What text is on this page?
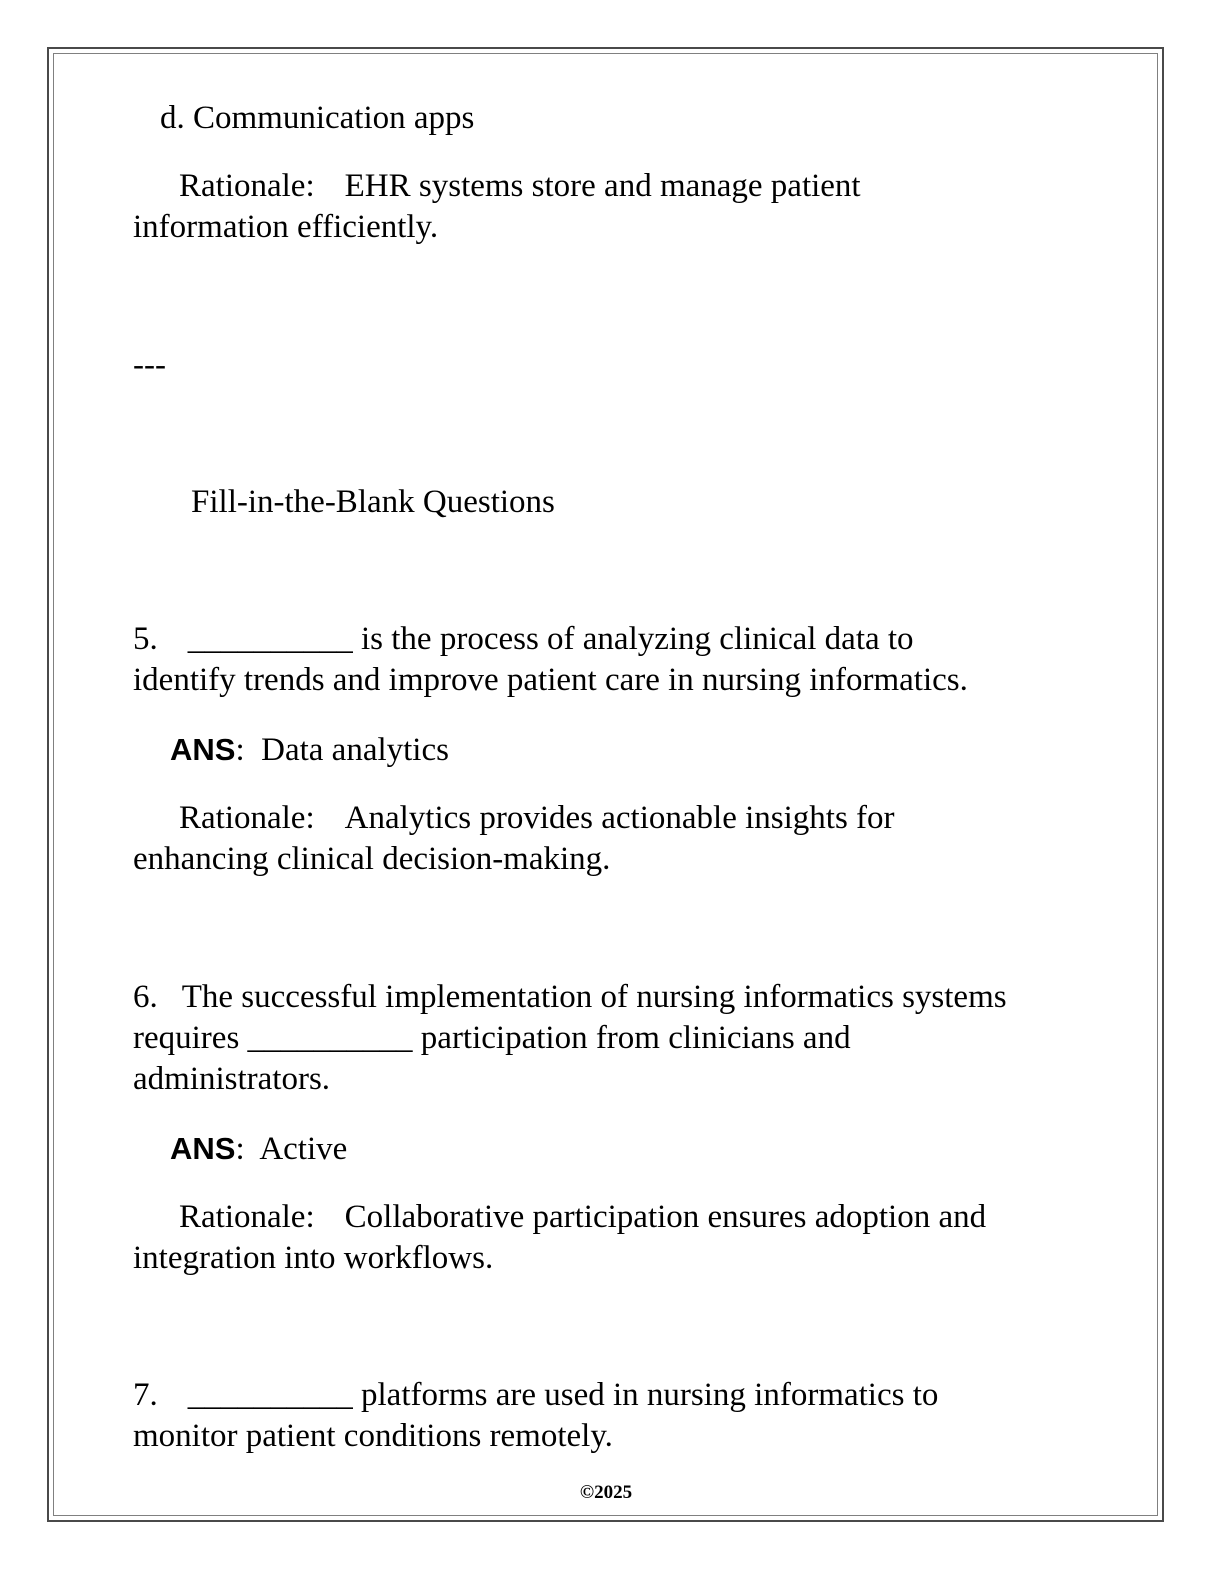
d. Communication apps
Rationale: EHR systems store and manage patient
information efficiently.
---
Fill-in-the-Blank Questions
5. __________ is the process of analyzing clinical data to
identify trends and improve patient care in nursing informatics.
ANS: Data analytics
Rationale: Analytics provides actionable insights for
enhancing clinical decision-making.
6. The successful implementation of nursing informatics systems
requires __________ participation from clinicians and
administrators.
ANS: Active
Rationale: Collaborative participation ensures adoption and
integration into workflows.
7. __________ platforms are used in nursing informatics to
monitor patient conditions remotely.
©2025
